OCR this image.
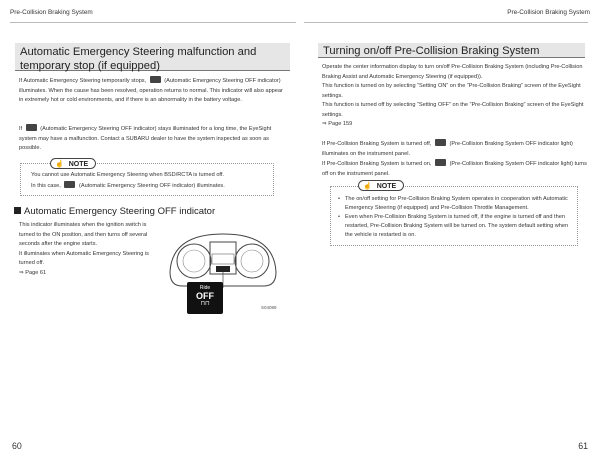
Pre-Collision Braking System	Pre-Collision Braking System
Automatic Emergency Steering malfunction and temporary stop (if equipped)

If Automatic Emergency Steering temporarily stops,	(Automatic Emergency Steering OFF indicator) illuminates. When the cause has been resolved, operation returns to normal. This indicator will also appear in extremely hot or cold environments, and if there is an abnormality in the battery voltage.

If	(Automatic Emergency Steering OFF indicator) stays illuminated for a long time, the EyeSight system may have a malfunction. Contact a SUBARU dealer to have the system inspected as soon as possible.

☝ NOTE

You cannot use Automatic Emergency Steering when BSD/RCTA is turned off.
In this case,	(Automatic Emergency Steering OFF indicator) illuminates.

Automatic Emergency Steering OFF indicator

This indicator illuminates when the ignition switch is turned to the ON position, and then turns off several seconds after the engine starts.
It illuminates when Automatic Emergency Steering is turned off.
⇒ Page 61

Ride
OFF
⊓⊓
S04089
60
Turning on/off Pre-Collision Braking System

Operate the center information display to turn on/off Pre-Collision Braking System (including Pre-Collision Braking Assist and Automatic Emergency Steering (if equipped)).
This function is turned on by selecting “Setting ON” on the “Pre-Collision Braking” screen of the EyeSight settings.
This function is turned off by selecting “Setting OFF” on the “Pre-Collision Braking” screen of the EyeSight settings.
⇒ Page 159

If Pre-Collision Braking System is turned off,	(Pre-Collision Braking System OFF indicator light) illuminates on the instrument panel.
If Pre-Collision Braking System is turned on,	(Pre-Collision Braking System OFF indicator light) turns off on the instrument panel.

☝ NOTE
• The on/off setting for Pre-Collision Braking System operates in cooperation with Automatic Emergency Steering (if equipped) and Pre-Collision Throttle Management.
• Even when Pre-Collision Braking System is turned off, if the engine is turned off and then restarted, Pre-Collision Braking System will be turned on. The system default setting when the vehicle is restarted is on.
61
